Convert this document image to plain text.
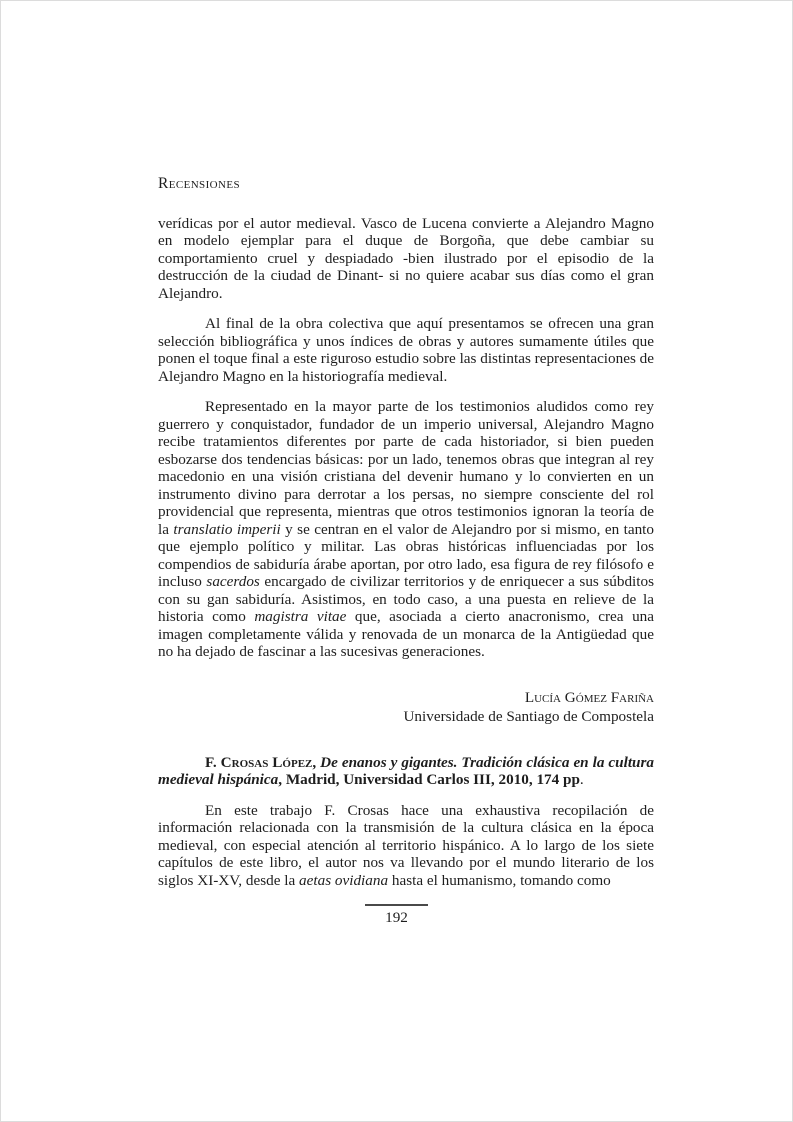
Recensiones

verídicas por el autor medieval. Vasco de Lucena convierte a Alejandro Magno en modelo ejemplar para el duque de Borgoña, que debe cambiar su comportamiento cruel y despiadado -bien ilustrado por el episodio de la destrucción de la ciudad de Dinant- si no quiere acabar sus días como el gran Alejandro.

Al final de la obra colectiva que aquí presentamos se ofrecen una gran selección bibliográfica y unos índices de obras y autores sumamente útiles que ponen el toque final a este riguroso estudio sobre las distintas representaciones de Alejandro Magno en la historiografía medieval.

Representado en la mayor parte de los testimonios aludidos como rey guerrero y conquistador, fundador de un imperio universal, Alejandro Magno recibe tratamientos diferentes por parte de cada historiador, si bien pueden esbozarse dos tendencias básicas: por un lado, tenemos obras que integran al rey macedonio en una visión cristiana del devenir humano y lo convierten en un instrumento divino para derrotar a los persas, no siempre consciente del rol providencial que representa, mientras que otros testimonios ignoran la teoría de la translatio imperii y se centran en el valor de Alejandro por si mismo, en tanto que ejemplo político y militar. Las obras históricas influenciadas por los compendios de sabiduría árabe aportan, por otro lado, esa figura de rey filósofo e incluso sacerdos encargado de civilizar territorios y de enriquecer a sus súbditos con su gan sabiduría. Asistimos, en todo caso, a una puesta en relieve de la historia como magistra vitae que, asociada a cierto anacronismo, crea una imagen completamente válida y renovada de un monarca de la Antigüedad que no ha dejado de fascinar a las sucesivas generaciones.

Lucía Gómez Fariña
Universidade de Santiago de Compostela

F. Crosas López, De enanos y gigantes. Tradición clásica en la cultura medieval hispánica, Madrid, Universidad Carlos III, 2010, 174 pp.

En este trabajo F. Crosas hace una exhaustiva recopilación de información relacionada con la transmisión de la cultura clásica en la época medieval, con especial atención al territorio hispánico. A lo largo de los siete capítulos de este libro, el autor nos va llevando por el mundo literario de los siglos XI-XV, desde la aetas ovidiana hasta el humanismo, tomando como

192
